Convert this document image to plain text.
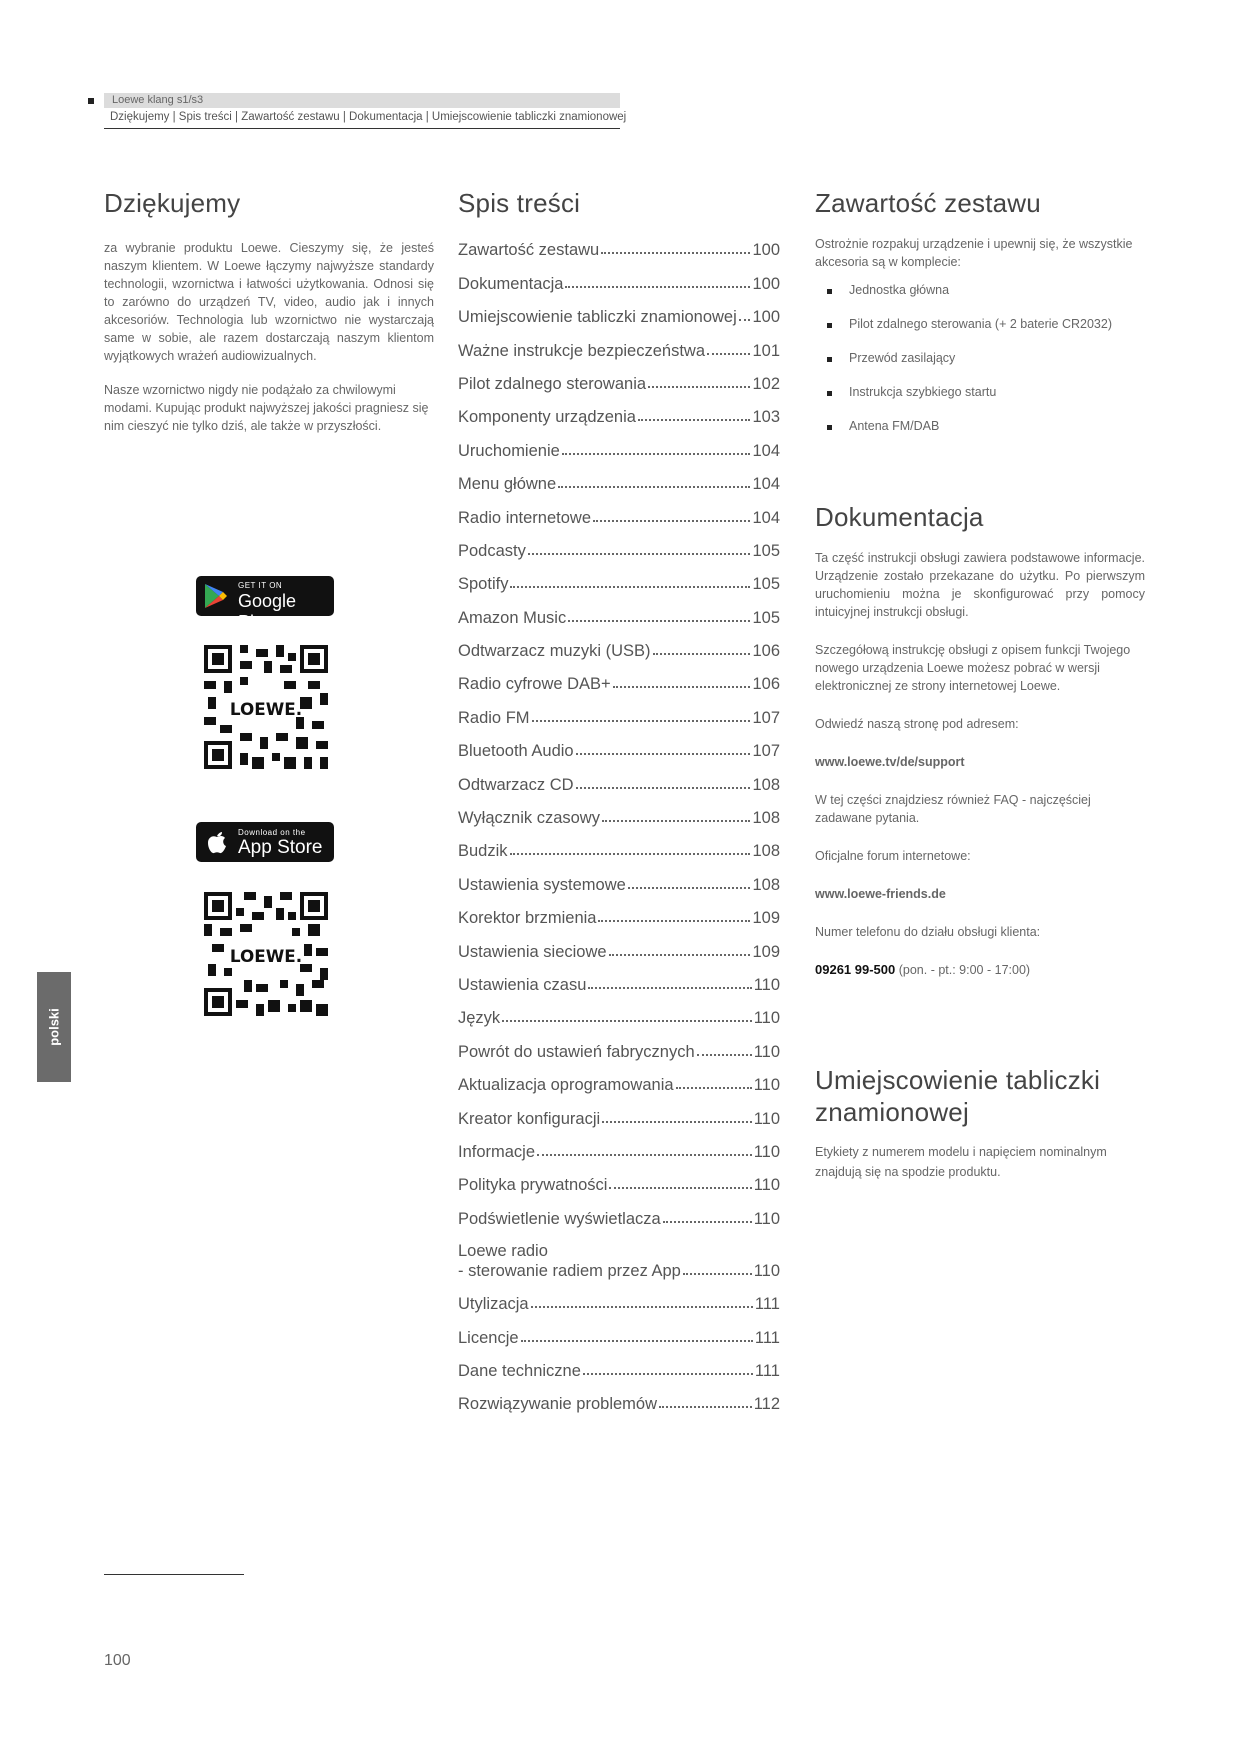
Loewe klang s1/s3
Dziękujemy | Spis treści | Zawartość zestawu | Dokumentacja | Umiejscowienie tabliczki znamionowej
Dziękujemy

za wybranie produktu Loewe. Cieszymy się, że jesteś naszym klientem. W Loewe łączymy najwyższe standardy technologii, wzornictwa i łatwości użytkowania. Odnosi się to zarówno do urządzeń TV, video, audio jak i innych akcesoriów. Technologia lub wzornictwo nie wystarczają same w sobie, ale razem dostarczają naszym klientom wyjątkowych wrażeń audiowizualnych.

Nasze wzornictwo nigdy nie podążało za chwilowymi modami. Kupując produkt najwyższej jakości pragniesz się nim cieszyć nie tylko dziś, ale także w przyszłości.

GET IT ON
Google Play
LOEWE.
Download on the
App Store
LOEWE.
Spis treści
Zawartość zestawu	100
Dokumentacja	100
Umiejscowienie tabliczki znamionowej 100
Ważne instrukcje bezpieczeństwa	101
Pilot zdalnego sterowania	102
Komponenty urządzenia	103
Uruchomienie	104
Menu główne	104
Radio internetowe	104
Podcasty	105
Spotify	105
Amazon Music	105
Odtwarzacz muzyki (USB)	106
Radio cyfrowe DAB+	106
Radio FM	107
Bluetooth Audio	107
Odtwarzacz CD	108
Wyłącznik czasowy	108
Budzik	108
Ustawienia systemowe	108
Korektor brzmienia	109
Ustawienia sieciowe	109
Ustawienia czasu	110
Język	110
Powrót do ustawień fabrycznych	110
Aktualizacja oprogramowania	110
Kreator konfiguracji	110
Informacje	110
Polityka prywatności	110
Podświetlenie wyświetlacza	110
Loewe radio
- sterowanie radiem przez App	110
Utylizacja	111
Licencje	111
Dane techniczne	111
Rozwiązywanie problemów	112
Zawartość zestawu

Ostrożnie rozpakuj urządzenie i upewnij się, że wszystkie akcesoria są w komplecie:

Jednostka główna
Pilot zdalnego sterowania (+ 2 baterie CR2032)
Przewód zasilający
Instrukcja szybkiego startu
Antena FM/DAB
Dokumentacja

Ta część instrukcji obsługi zawiera podstawowe informacje. Urządzenie zostało przekazane do użytku. Po pierwszym uruchomieniu można je skonfigurować przy pomocy intuicyjnej instrukcji obsługi.

Szczegółową instrukcję obsługi z opisem funkcji Twojego nowego urządzenia Loewe możesz pobrać w wersji elektronicznej ze strony internetowej Loewe.

Odwiedź naszą stronę pod adresem:

www.loewe.tv/de/support

W tej części znajdziesz również FAQ - najczęściej zadawane pytania.

Oficjalne forum internetowe:

www.loewe-friends.de

Numer telefonu do działu obsługi klienta:

09261 99-500 (pon. - pt.: 9:00 - 17:00)

Umiejscowienie tabliczki znamionowej

Etykiety z numerem modelu i napięciem nominalnym znajdują się na spodzie produktu.

polski
100
